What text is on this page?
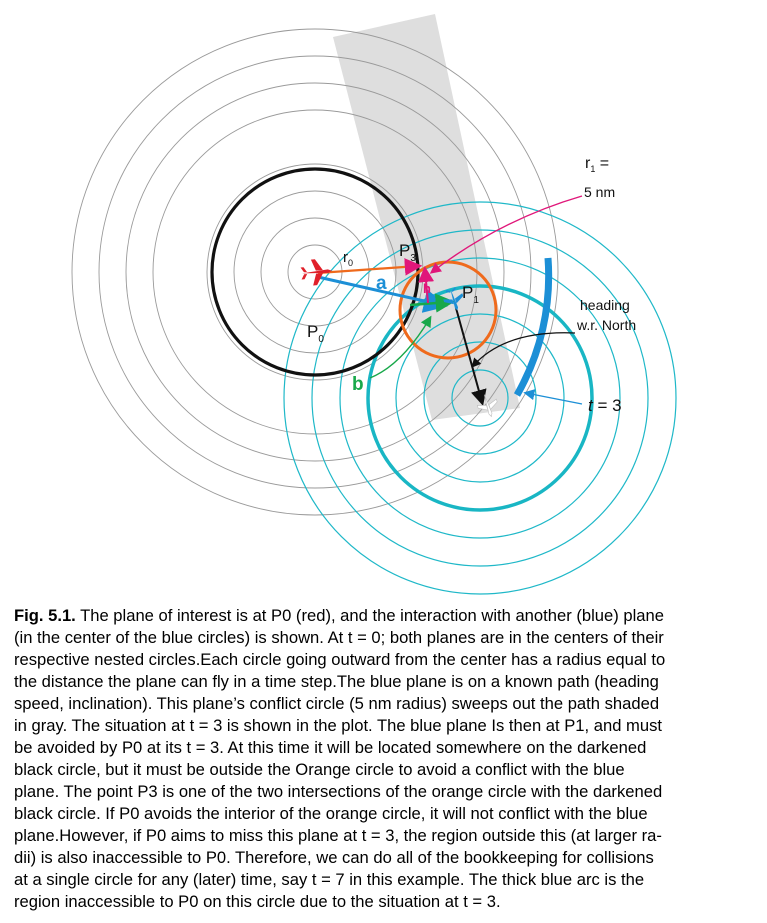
$r_0$
$P_0$
$P_3$
$P_1$
a
b
h
$r_1$ =
5 nm
heading
w.r. North
t = 3
Fig. 5.1. The plane of interest is at P0 (red), and the interaction with another (blue) plane
(in the center of the blue circles) is shown. At t = 0; both planes are in the centers of their
respective nested circles.Each circle going outward from the center has a radius equal to
the distance the plane can fly in a time step.The blue plane is on a known path (heading
speed, inclination). This plane’s conflict circle (5 nm radius) sweeps out the path shaded
in gray. The situation at t = 3 is shown in the plot. The blue plane Is then at P1, and must
be avoided by P0 at its t = 3. At this time it will be located somewhere on the darkened
black circle, but it must be outside the Orange circle to avoid a conflict with the blue
plane. The point P3 is one of the two intersections of the orange circle with the darkened
black circle. If P0 avoids the interior of the orange circle, it will not conflict with the blue
plane.However, if P0 aims to miss this plane at t = 3, the region outside this (at larger ra-
dii) is also inaccessible to P0. Therefore, we can do all of the bookkeeping for collisions
at a single circle for any (later) time, say t = 7 in this example. The thick blue arc is the
region inaccessible to P0 on this circle due to the situation at t = 3.
